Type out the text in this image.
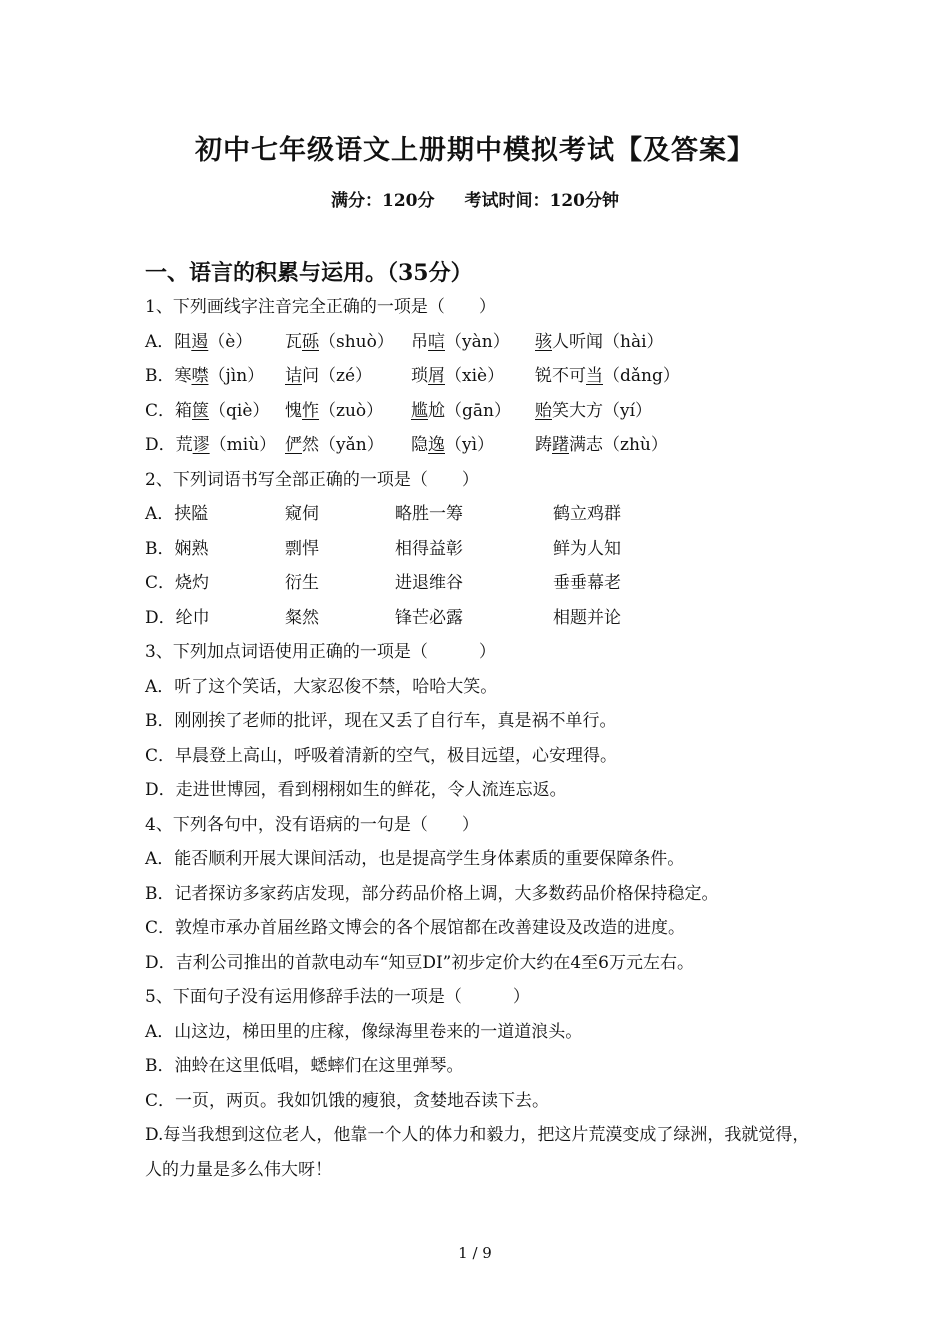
初中七年级语文上册期中模拟考试【及答案】
满分：120分 考试时间：120分钟
一、语言的积累与运用。（35分）
1、下列画线字注音完全正确的一项是（　　）
A．阻遏（è） 瓦砾（shuò） 吊唁（yàn） 骇人听闻（hài）
B．寒噤（jìn） 诘问（zé） 琐屑（xiè） 锐不可当（dǎng）
C．箱箧（qiè） 愧怍（zuò） 尴尬（gān） 贻笑大方（yí）
D．荒谬（miù） 俨然（yǎn） 隐逸（yì） 踌躇满志（zhù）
2、下列词语书写全部正确的一项是（　　）
A．挟隘	窥伺	略胜一筹	鹤立鸡群
B．娴熟	剽悍	相得益彰	鲜为人知
C．烧灼	衍生	进退维谷	垂垂幕老
D．纶巾	粲然	锋芒必露	相题并论
3、下列加点词语使用正确的一项是（　　　）
A．听了这个笑话，大家忍俊不禁，哈哈大笑。
B．刚刚挨了老师的批评，现在又丢了自行车，真是祸不单行。
C．早晨登上高山，呼吸着清新的空气，极目远望，心安理得。
D．走进世博园，看到栩栩如生的鲜花，令人流连忘返。
4、下列各句中，没有语病的一句是（　　）
A．能否顺利开展大课间活动，也是提高学生身体素质的重要保障条件。
B．记者探访多家药店发现，部分药品价格上调，大多数药品价格保持稳定。
C．敦煌市承办首届丝路文博会的各个展馆都在改善建设及改造的进度。
D．吉利公司推出的首款电动车“知豆DI”初步定价大约在4至6万元左右。
5、下面句子没有运用修辞手法的一项是（　　　）
A．山这边，梯田里的庄稼，像绿海里卷来的一道道浪头。
B．油蛉在这里低唱，蟋蟀们在这里弹琴。
C．一页，两页。我如饥饿的瘦狼，贪婪地吞读下去。
D.每当我想到这位老人，他靠一个人的体力和毅力，把这片荒漠变成了绿洲，我就觉得，人的力量是多么伟大呀！
1 / 9
